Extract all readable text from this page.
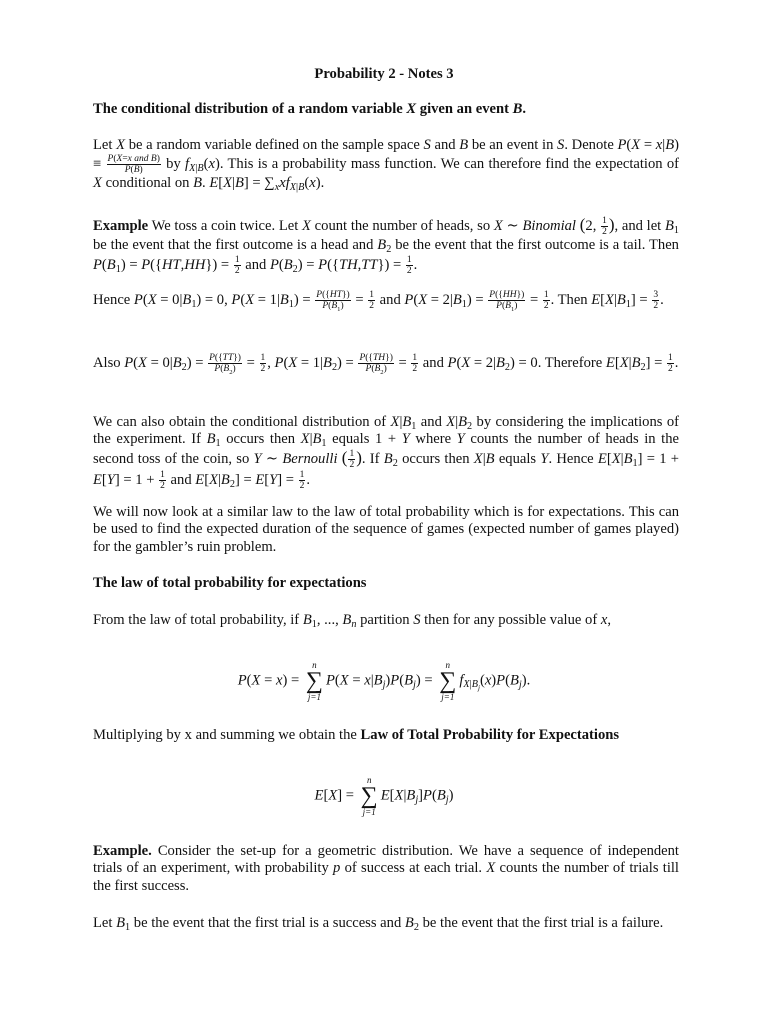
Probability 2 - Notes 3
The conditional distribution of a random variable X given an event B.
Let X be a random variable defined on the sample space S and B be an event in S. Denote $P(X = x|B) \equiv \frac{\text{P(X=x and B)}}{P(B)}$ by $f_{X|B}(x)$. This is a probability mass function. We can therefore find the expectation of X conditional on B. $E[X|B] = \sum_xxf_{X|B}(x)$.
Example We toss a coin twice. Let X count the number of heads, so X ∼ Binomial (2, $\frac{1}{2}$ ), and let $B_1$ be the event that the first outcome is a head and $B_2$ be the event that the first outcome is a tail. Then $P(B_1) = P(\{HT,HH\}) = \frac{1}{2}$ and $P(B_2) = P(\{TH,TT\}) = \frac{1}{2}$ .
Hence $P(X = 0|B_1) = 0$, $P(X = 1|B_1) = \frac{P(\{HT\})}{P(B_1)} = \frac{1}{2}$ and $P(X = 2|B_1) = \frac{P(\{HH\})}{P(B_1)} = \frac{1}{2}$ . Then $E[X|B_1] = \frac{3}{2}$ .
Also $P(X = 0|B_2) = \frac{P(\{TT\})}{P(B_2)} = \frac{1}{2}$ , $P(X = 1|B_2) = \frac{P(\{TH\})}{P(B_2)} = \frac{1}{2}$ and $P(X = 2|B_2) = 0$. Therefore $E[X|B_2] = \frac{1}{2}$ .
We can also obtain the conditional distribution of $X|B_1$ and $X|B_2$ by considering the implications of the experiment. If $B_1$ occurs then $X|B_1$ equals 1 + Y where Y counts the number of heads in the second toss of the coin, so Y ∼ Bernoulli ( $\frac{1}{2}$ ). If $B_2$ occurs then X|B equals Y. Hence $E[X|B_1] = 1 + E[Y] = 1 + \frac{1}{2}$ and $E[X|B_2] = E[Y] = \frac{1}{2}$ .
We will now look at a similar law to the law of total probability which is for expectations. This can be used to find the expected duration of the sequence of games (expected number of games played) for the gambler’s ruin problem.
The law of total probability for expectations
From the law of total probability, if $B_1$, ..., $B_n$ partition S then for any possible value of x,
P(X = x) =
n
∑
j=1
$P(X = x|B_j)P(B_j)$ =
n
∑
j=1
$f_{X|B_j}(x)P(B_j)$.
Multiplying by x and summing we obtain the Law of Total Probability for Expectations
E[X] =
n
∑
j=1
$E[X|B_j]P(B_j)$
Example. Consider the set-up for a geometric distribution. We have a sequence of independent trials of an experiment, with probability p of success at each trial. X counts the number of trials till the first success.
Let $B_1$ be the event that the first trial is a success and $B_2$ be the event that the first trial is a failure.
